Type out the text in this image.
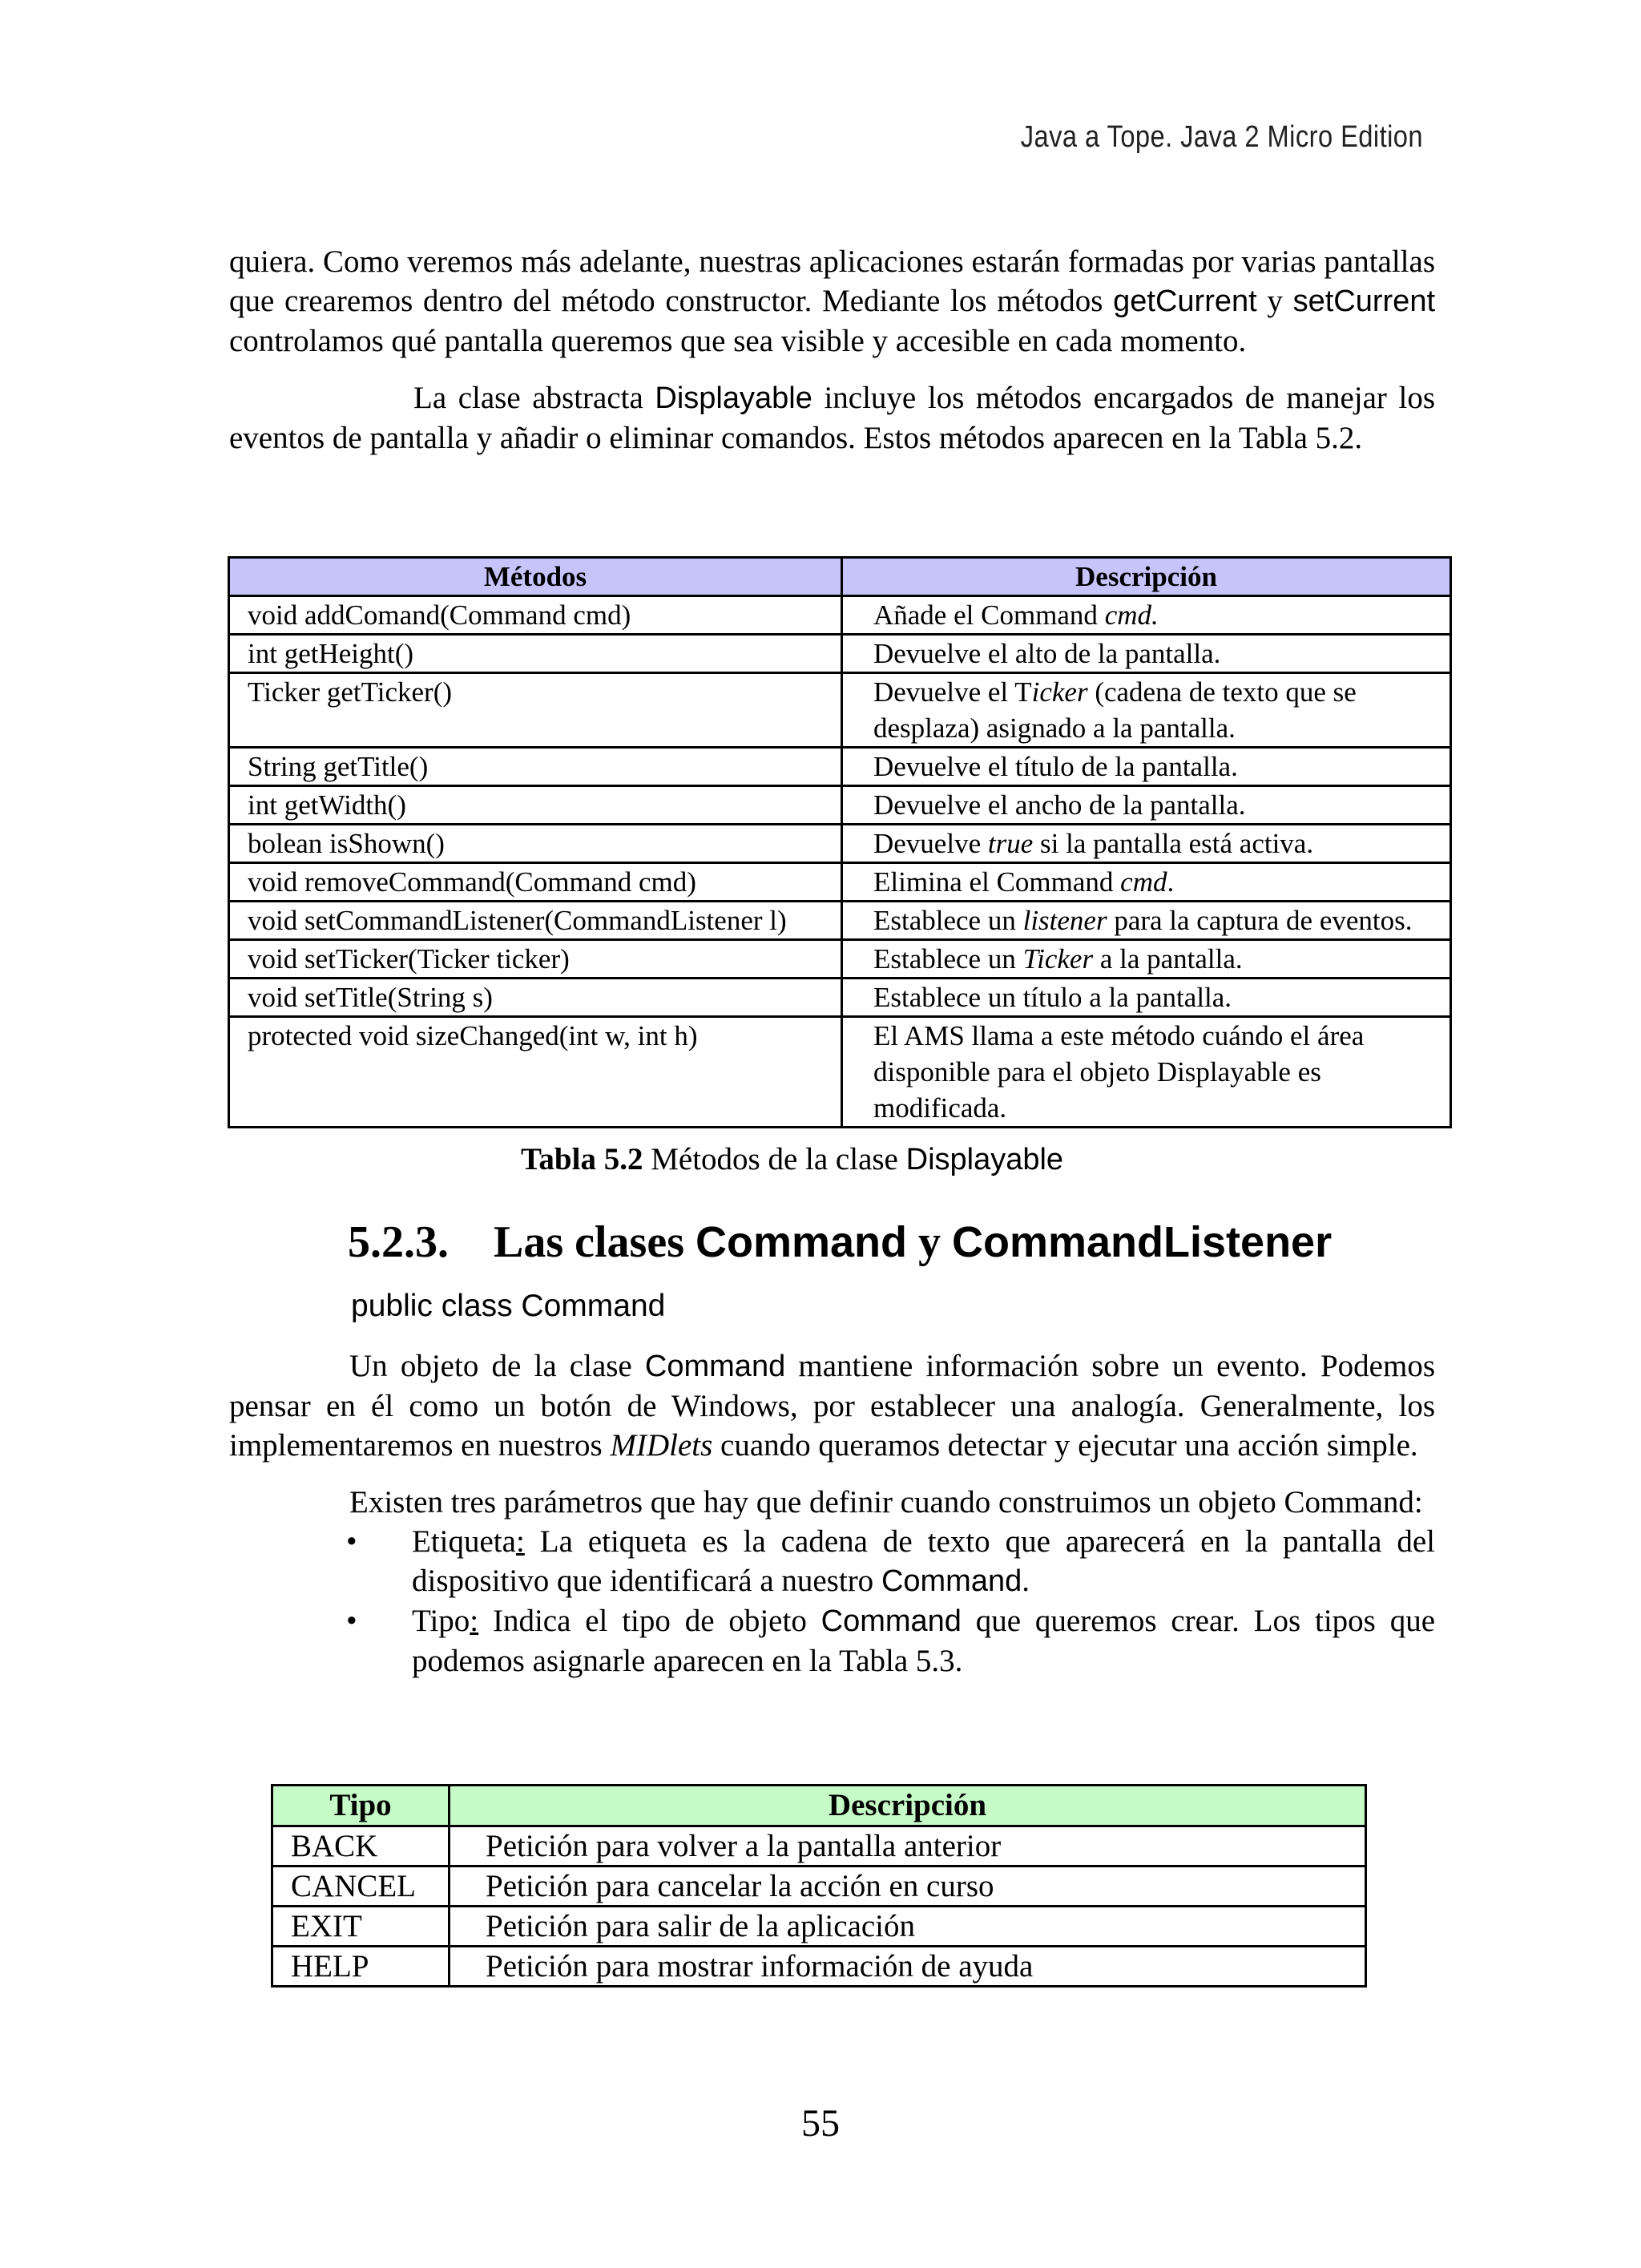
Java a Tope. Java 2 Micro Edition

quiera. Como veremos más adelante, nuestras aplicaciones estarán formadas por varias pantallas que crearemos dentro del método constructor. Mediante los métodos getCurrent y setCurrent controlamos qué pantalla queremos que sea visible y accesible en cada momento.

La clase abstracta Displayable incluye los métodos encargados de manejar los eventos de pantalla y añadir o eliminar comandos. Estos métodos aparecen en la Tabla 5.2.

Métodos	Descripción
void addComand(Command cmd)	Añade el Command cmd.
int getHeight()	Devuelve el alto de la pantalla.
Ticker getTicker()	Devuelve el Ticker (cadena de texto que se desplaza) asignado a la pantalla.
String getTitle()	Devuelve el título de la pantalla.
int getWidth()	Devuelve el ancho de la pantalla.
bolean isShown()	Devuelve true si la pantalla está activa.
void removeCommand(Command cmd)	Elimina el Command cmd.
void setCommandListener(CommandListener l)	Establece un listener para la captura de eventos.
void setTicker(Ticker ticker)	Establece un Ticker a la pantalla.
void setTitle(String s)	Establece un título a la pantalla.
protected void sizeChanged(int w, int h)	El AMS llama a este método cuándo el área disponible para el objeto Displayable es modificada.
Tabla 5.2 Métodos de la clase Displayable
5.2.3. Las clases Command y CommandListener
public class Command

Un objeto de la clase Command mantiene información sobre un evento. Podemos pensar en él como un botón de Windows, por establecer una analogía. Generalmente, los implementaremos en nuestros MIDlets cuando queramos detectar y ejecutar una acción simple.

Existen tres parámetros que hay que definir cuando construimos un objeto Command:

• Etiqueta: La etiqueta es la cadena de texto que aparecerá en la pantalla del dispositivo que identificará a nuestro Command.
• Tipo: Indica el tipo de objeto Command que queremos crear. Los tipos que podemos asignarle aparecen en la Tabla 5.3.
Tipo	Descripción
BACK	Petición para volver a la pantalla anterior
CANCEL	Petición para cancelar la acción en curso
EXIT	Petición para salir de la aplicación
HELP	Petición para mostrar información de ayuda
55
